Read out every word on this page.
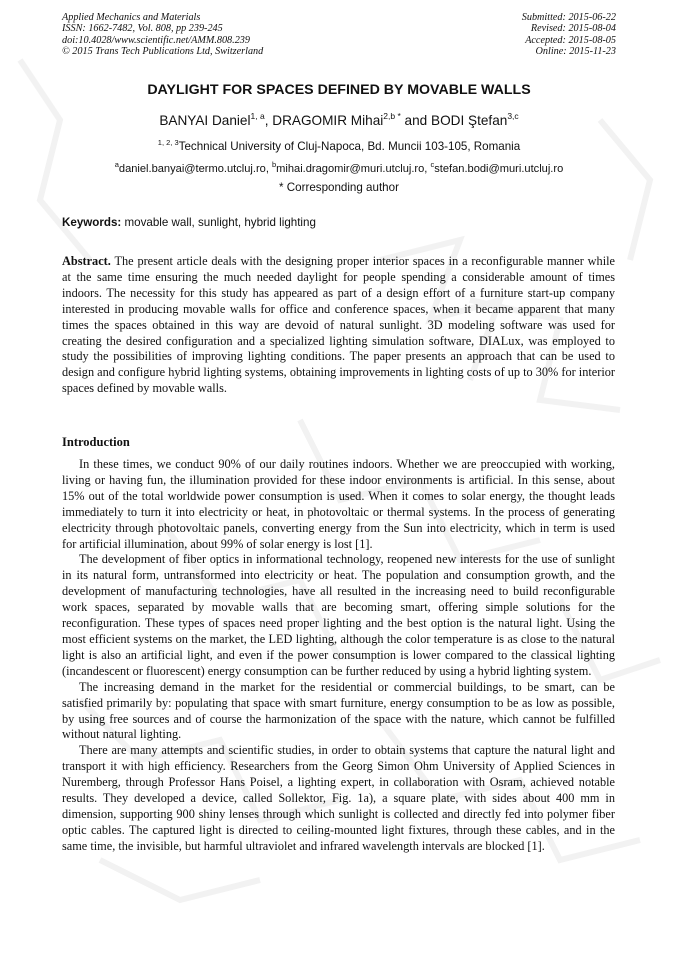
Applied Mechanics and Materials
ISSN: 1662-7482, Vol. 808, pp 239-245
doi:10.4028/www.scientific.net/AMM.808.239
© 2015 Trans Tech Publications Ltd, Switzerland
Submitted: 2015-06-22
Revised: 2015-08-04
Accepted: 2015-08-05
Online: 2015-11-23
DAYLIGHT FOR SPACES DEFINED BY MOVABLE WALLS
BANYAI Daniel$^{1, a}$, DRAGOMIR Mihai$^{2,b *}$ and BODI Ştefan$^{3,c}$
$^{1, 2, 3}$Technical University of Cluj-Napoca, Bd. Muncii 103-105, Romania
$^a$daniel.banyai@termo.utcluj.ro, $^b$mihai.dragomir@muri.utcluj.ro, $^c$stefan.bodi@muri.utcluj.ro
* Corresponding author
Keywords: movable wall, sunlight, hybrid lighting
Abstract. The present article deals with the designing proper interior spaces in a reconfigurable manner while at the same time ensuring the much needed daylight for people spending a considerable amount of times indoors. The necessity for this study has appeared as part of a design effort of a furniture start-up company interested in producing movable walls for office and conference spaces, when it became apparent that many times the spaces obtained in this way are devoid of natural sunlight. 3D modeling software was used for creating the desired configuration and a specialized lighting simulation software, DIALux, was employed to study the possibilities of improving lighting conditions. The paper presents an approach that can be used to design and configure hybrid lighting systems, obtaining improvements in lighting costs of up to 30% for interior spaces defined by movable walls.
Introduction

In these times, we conduct 90% of our daily routines indoors. Whether we are preoccupied with working, living or having fun, the illumination provided for these indoor environments is artificial. In this sense, about 15% out of the total worldwide power consumption is used. When it comes to solar energy, the thought leads immediately to turn it into electricity or heat, in photovoltaic or thermal systems. In the process of generating electricity through photovoltaic panels, converting energy from the Sun into electricity, which in term is used for artificial illumination, about 99% of solar energy is lost [1].

The development of fiber optics in informational technology, reopened new interests for the use of sunlight in its natural form, untransformed into electricity or heat. The population and consumption growth, and the development of manufacturing technologies, have all resulted in the increasing need to build reconfigurable work spaces, separated by movable walls that are becoming smart, offering simple solutions for the reconfiguration. These types of spaces need proper lighting and the best option is the natural light. Using the most efficient systems on the market, the LED lighting, although the color temperature is as close to the natural light is also an artificial light, and even if the power consumption is lower compared to the classical lighting (incandescent or fluorescent) energy consumption can be further reduced by using a hybrid lighting system.

The increasing demand in the market for the residential or commercial buildings, to be smart, can be satisfied primarily by: populating that space with smart furniture, energy consumption to be as low as possible, by using free sources and of course the harmonization of the space with the nature, which cannot be fulfilled without natural lighting.

There are many attempts and scientific studies, in order to obtain systems that capture the natural light and transport it with high efficiency. Researchers from the Georg Simon Ohm University of Applied Sciences in Nuremberg, through Professor Hans Poisel, a lighting expert, in collaboration with Osram, achieved notable results. They developed a device, called Sollektor, Fig. 1a), a square plate, with sides about 400 mm in dimension, supporting 900 shiny lenses through which sunlight is collected and directly fed into polymer fiber optic cables. The captured light is directed to ceiling-mounted light fixtures, through these cables, and in the same time, the invisible, but harmful ultraviolet and infrared wavelength intervals are blocked [1].
